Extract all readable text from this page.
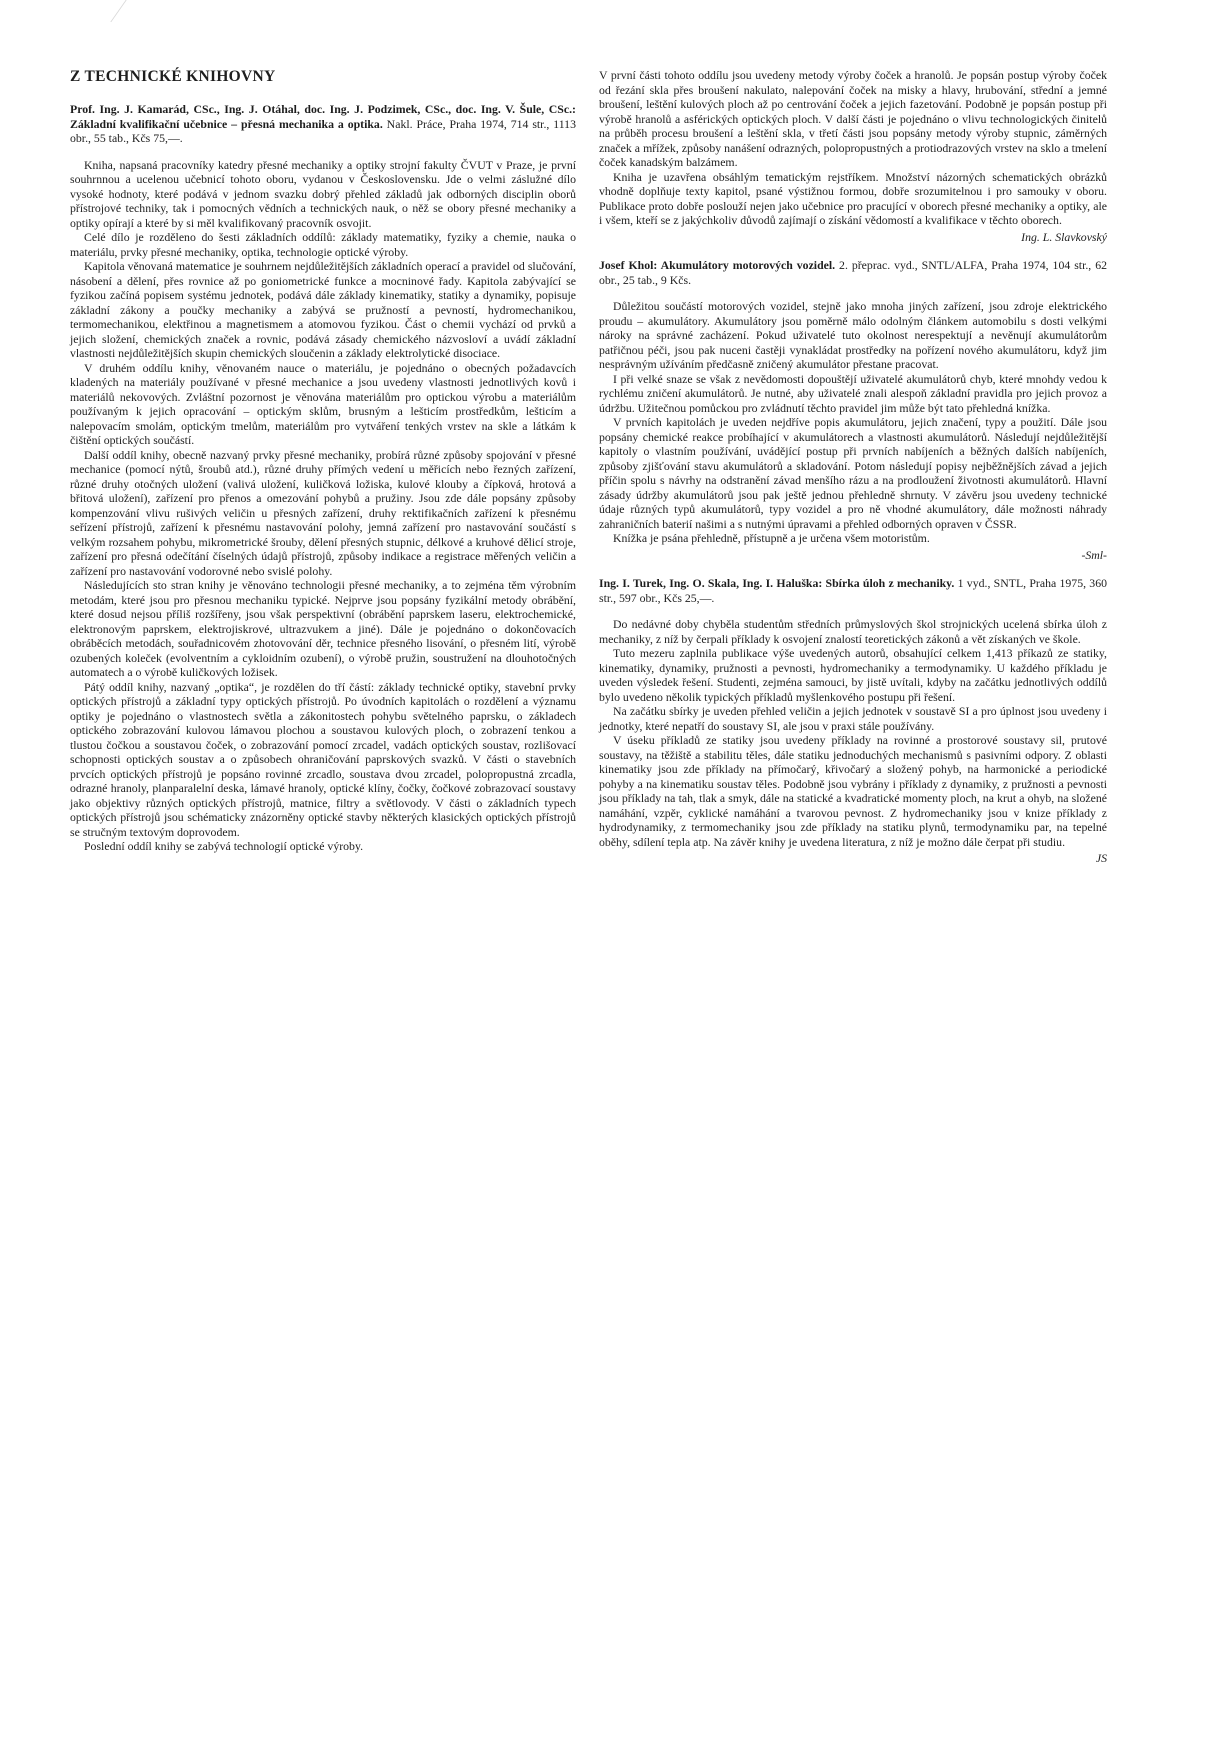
Z TECHNICKÉ KNIHOVNY

Prof. Ing. J. Kamarád, CSc., Ing. J. Otáhal, doc. Ing. J. Podzimek, CSc., doc. Ing. V. Šule, CSc.: Základní kvalifikační učebnice – přesná mechanika a optika. Nakl. Práce, Praha 1974, 714 str., 1113 obr., 55 tab., Kčs 75,—.

Kniha, napsaná pracovníky katedry přesné mechaniky a optiky strojní fakulty ČVUT v Praze, je první souhrnnou a ucelenou učebnicí tohoto oboru, vydanou v Československu. Jde o velmi záslužné dílo vysoké hodnoty, které podává v jednom svazku dobrý přehled základů jak odborných disciplin oborů přístrojové techniky, tak i pomocných vědních a technických nauk, o něž se obory přesné mechaniky a optiky opírají a které by si měl kvalifikovaný pracovník osvojit.

Celé dílo je rozděleno do šesti základních oddílů: základy matematiky, fyziky a chemie, nauka o materiálu, prvky přesné mechaniky, optika, technologie optické výroby.

Kapitola věnovaná matematice je souhrnem nejdůležitějších základních operací a pravidel od slučování, násobení a dělení, přes rovnice až po goniometrické funkce a mocninové řady. Kapitola zabývající se fyzikou začíná popisem systému jednotek, podává dále základy kinematiky, statiky a dynamiky, popisuje základní zákony a poučky mechaniky a zabývá se pružností a pevností, hydromechanikou, termomechanikou, elektřinou a magnetismem a atomovou fyzikou. Část o chemii vychází od prvků a jejich složení, chemických značek a rovnic, podává zásady chemického názvosloví a uvádí základní vlastnosti nejdůležitějších skupin chemických sloučenin a základy elektrolytické disociace.

V druhém oddílu knihy, věnovaném nauce o materiálu, je pojednáno o obecných požadavcích kladených na materiály používané v přesné mechanice a jsou uvedeny vlastnosti jednotlivých kovů i materiálů nekovových. Zvláštní pozornost je věnována materiálům pro optickou výrobu a materiálům používaným k jejich opracování – optickým sklům, brusným a lešticím prostředkům, lešticím a nalepovacím smolám, optickým tmelům, materiálům pro vytváření tenkých vrstev na skle a látkám k čištění optických součástí.

Další oddíl knihy, obecně nazvaný prvky přesné mechaniky, probírá různé způsoby spojování v přesné mechanice (pomocí nýtů, šroubů atd.), různé druhy přímých vedení u měřicích nebo řezných zařízení, různé druhy otočných uložení (valivá uložení, kuličková ložiska, kulové klouby a čípková, hrotová a břitová uložení), zařízení pro přenos a omezování pohybů a pružiny. Jsou zde dále popsány způsoby kompenzování vlivu rušivých veličin u přesných zařízení, druhy rektifikačních zařízení k přesnému seřízení přístrojů, zařízení k přesnému nastavování polohy, jemná zařízení pro nastavování součástí s velkým rozsahem pohybu, mikrometrické šrouby, dělení přesných stupnic, délkové a kruhové dělicí stroje, zařízení pro přesná odečítání číselných údajů přístrojů, způsoby indikace a registrace měřených veličin a zařízení pro nastavování vodorovné nebo svislé polohy.

Následujících sto stran knihy je věnováno technologii přesné mechaniky, a to zejména těm výrobním metodám, které jsou pro přesnou mechaniku typické. Nejprve jsou popsány fyzikální metody obrábění, které dosud nejsou příliš rozšířeny, jsou však perspektivní (obrábění paprskem laseru, elektrochemické, elektronovým paprskem, elektrojiskrové, ultrazvukem a jiné). Dále je pojednáno o dokončovacích obráběcích metodách, souřadnicovém zhotovování děr, technice přesného lisování, o přesném lití, výrobě ozubených koleček (evolventním a cykloidním ozubení), o výrobě pružin, soustružení na dlouhotočných automatech a o výrobě kuličkových ložisek.

Pátý oddíl knihy, nazvaný „optika“, je rozdělen do tří částí: základy technické optiky, stavební prvky optických přístrojů a základní typy optických přístrojů. Po úvodních kapitolách o rozdělení a významu optiky je pojednáno o vlastnostech světla a zákonitostech pohybu světelného paprsku, o základech optického zobrazování kulovou lámavou plochou a soustavou kulových ploch, o zobrazení tenkou a tlustou čočkou a soustavou čoček, o zobrazování pomocí zrcadel, vadách optických soustav, rozlišovací schopnosti optických soustav a o způsobech ohraničování paprskových svazků. V části o stavebních prvcích optických přístrojů je popsáno rovinné zrcadlo, soustava dvou zrcadel, polopropustná zrcadla, odrazné hranoly, planparalelní deska, lámavé hranoly, optické klíny, čočky, čočkové zobrazovací soustavy jako objektivy různých optických přístrojů, matnice, filtry a světlovody. V části o základních typech optických přístrojů jsou schématicky znázorněny optické stavby některých klasických optických přístrojů se stručným textovým doprovodem.

Poslední oddíl knihy se zabývá technologií optické výroby.

V první části tohoto oddílu jsou uvedeny metody výroby čoček a hranolů. Je popsán postup výroby čoček od řezání skla přes broušení nakulato, nalepování čoček na misky a hlavy, hrubování, střední a jemné broušení, leštění kulových ploch až po centrování čoček a jejich fazetování. Podobně je popsán postup při výrobě hranolů a asférických optických ploch. V další části je pojednáno o vlivu technologických činitelů na průběh procesu broušení a leštění skla, v třetí části jsou popsány metody výroby stupnic, záměrných značek a mřížek, způsoby nanášení odrazných, polopropustných a protiodrazových vrstev na sklo a tmelení čoček kanadským balzámem.

Kniha je uzavřena obsáhlým tematickým rejstříkem. Množství názorných schematických obrázků vhodně doplňuje texty kapitol, psané výstižnou formou, dobře srozumitelnou i pro samouky v oboru. Publikace proto dobře poslouží nejen jako učebnice pro pracující v oborech přesné mechaniky a optiky, ale i všem, kteří se z jakýchkoliv důvodů zajímají o získání vědomostí a kvalifikace v těchto oborech.

Ing. L. Slavkovský

Josef Khol: Akumulátory motorových vozidel. 2. přeprac. vyd., SNTL/ALFA, Praha 1974, 104 str., 62 obr., 25 tab., 9 Kčs.

Důležitou součástí motorových vozidel, stejně jako mnoha jiných zařízení, jsou zdroje elektrického proudu – akumulátory. Akumulátory jsou poměrně málo odolným článkem automobilu s dosti velkými nároky na správné zacházení. Pokud uživatelé tuto okolnost nerespektují a nevěnují akumulátorům patřičnou péči, jsou pak nuceni častěji vynakládat prostředky na pořízení nového akumulátoru, když jim nesprávným užíváním předčasně zničený akumulátor přestane pracovat.

I při velké snaze se však z nevědomosti dopouštějí uživatelé akumulátorů chyb, které mnohdy vedou k rychlému zničení akumulátorů. Je nutné, aby uživatelé znali alespoň základní pravidla pro jejich provoz a údržbu. Užitečnou pomůckou pro zvládnutí těchto pravidel jim může být tato přehledná knížka.

V prvních kapitolách je uveden nejdříve popis akumulátoru, jejich značení, typy a použití. Dále jsou popsány chemické reakce probíhající v akumulátorech a vlastnosti akumulátorů. Následují nejdůležitější kapitoly o vlastním používání, uvádějící postup při prvních nabíjeních a běžných dalších nabíjeních, způsoby zjišťování stavu akumulátorů a skladování. Potom následují popisy nejběžnějších závad a jejich příčin spolu s návrhy na odstranění závad menšího rázu a na prodloužení životnosti akumulátorů. Hlavní zásady údržby akumulátorů jsou pak ještě jednou přehledně shrnuty. V závěru jsou uvedeny technické údaje různých typů akumulátorů, typy vozidel a pro ně vhodné akumulátory, dále možnosti náhrady zahraničních baterií našimi a s nutnými úpravami a přehled odborných opraven v ČSSR.

Knížka je psána přehledně, přístupně a je určena všem motoristům.

-Sml-

Ing. I. Turek, Ing. O. Skala, Ing. I. Haluška: Sbírka úloh z mechaniky. 1 vyd., SNTL, Praha 1975, 360 str., 597 obr., Kčs 25,—.

Do nedávné doby chyběla studentům středních průmyslových škol strojnických ucelená sbírka úloh z mechaniky, z níž by čerpali příklady k osvojení znalostí teoretických zákonů a vět získaných ve škole.

Tuto mezeru zaplnila publikace výše uvedených autorů, obsahující celkem 1,413 příkazů ze statiky, kinematiky, dynamiky, pružnosti a pevnosti, hydromechaniky a termodynamiky. U každého příkladu je uveden výsledek řešení. Studenti, zejména samouci, by jistě uvítali, kdyby na začátku jednotlivých oddílů bylo uvedeno několik typických příkladů myšlenkového postupu při řešení.

Na začátku sbírky je uveden přehled veličin a jejich jednotek v soustavě SI a pro úplnost jsou uvedeny i jednotky, které nepatří do soustavy SI, ale jsou v praxi stále používány.

V úseku příkladů ze statiky jsou uvedeny příklady na rovinné a prostorové soustavy sil, prutové soustavy, na těžiště a stabilitu těles, dále statiku jednoduchých mechanismů s pasivními odpory. Z oblasti kinematiky jsou zde příklady na přímočarý, křivočarý a složený pohyb, na harmonické a periodické pohyby a na kinematiku soustav těles. Podobně jsou vybrány i příklady z dynamiky, z pružnosti a pevnosti jsou příklady na tah, tlak a smyk, dále na statické a kvadratické momenty ploch, na krut a ohyb, na složené namáhání, vzpěr, cyklické namáhání a tvarovou pevnost. Z hydromechaniky jsou v knize příklady z hydrodynamiky, z termomechaniky jsou zde příklady na statiku plynů, termodynamiku par, na tepelné oběhy, sdílení tepla atp. Na závěr knihy je uvedena literatura, z níž je možno dále čerpat při studiu.

JS
